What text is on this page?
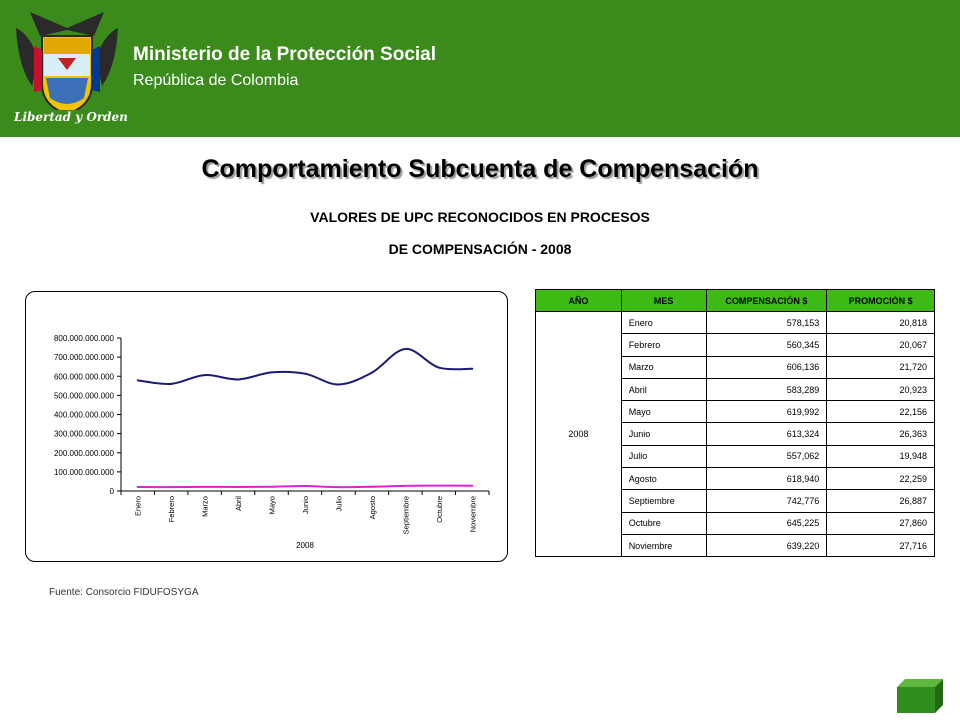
Ministerio de la Protección Social
República de Colombia
Libertad y Orden
Comportamiento Subcuenta de Compensación
VALORES DE UPC RECONOCIDOS EN PROCESOS
DE COMPENSACIÓN - 2008
0
100.000.000.000
200.000.000.000
300.000.000.000
400.000.000.000
500.000.000.000
600.000.000.000
700.000.000.000
800.000.000.000
Enero	Febrero	Marzo	Abril	Mayo	Junio	Julio	Agosto	Septiembre	Octubre	Noviembre
2008
Fuente: Consorcio FIDUFOSYGA
AÑO	MES	COMPENSACIÓN $	PROMOCIÓN $
2008	Enero	578,153	20,818
	Febrero	560,345	20,067
	Marzo	606,136	21,720
	Abril	583,289	20,923
	Mayo	619,992	22,156
	Junio	613,324	26,363
	Julio	557,062	19,948
	Agosto	618,940	22,259
	Septiembre	742,776	26,887
	Octubre	645,225	27,860
	Noviembre	639,220	27,716
